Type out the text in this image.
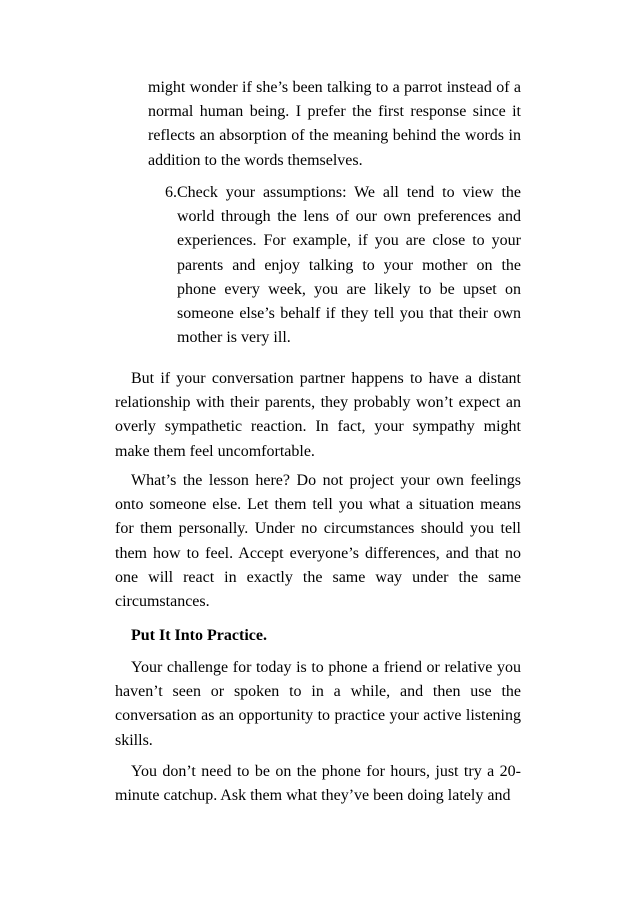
might wonder if she’s been talking to a parrot instead of a normal human being. I prefer the first response since it reflects an absorption of the meaning behind the words in addition to the words themselves.

6. Check your assumptions: We all tend to view the world through the lens of our own preferences and experiences. For example, if you are close to your parents and enjoy talking to your mother on the phone every week, you are likely to be upset on someone else’s behalf if they tell you that their own mother is very ill.

But if your conversation partner happens to have a distant relationship with their parents, they probably won’t expect an overly sympathetic reaction. In fact, your sympathy might make them feel uncomfortable.

What’s the lesson here? Do not project your own feelings onto someone else. Let them tell you what a situation means for them personally. Under no circumstances should you tell them how to feel. Accept everyone’s differences, and that no one will react in exactly the same way under the same circumstances.

Put It Into Practice.

Your challenge for today is to phone a friend or relative you haven’t seen or spoken to in a while, and then use the conversation as an opportunity to practice your active listening skills.

You don’t need to be on the phone for hours, just try a 20-minute catchup. Ask them what they’ve been doing lately and
